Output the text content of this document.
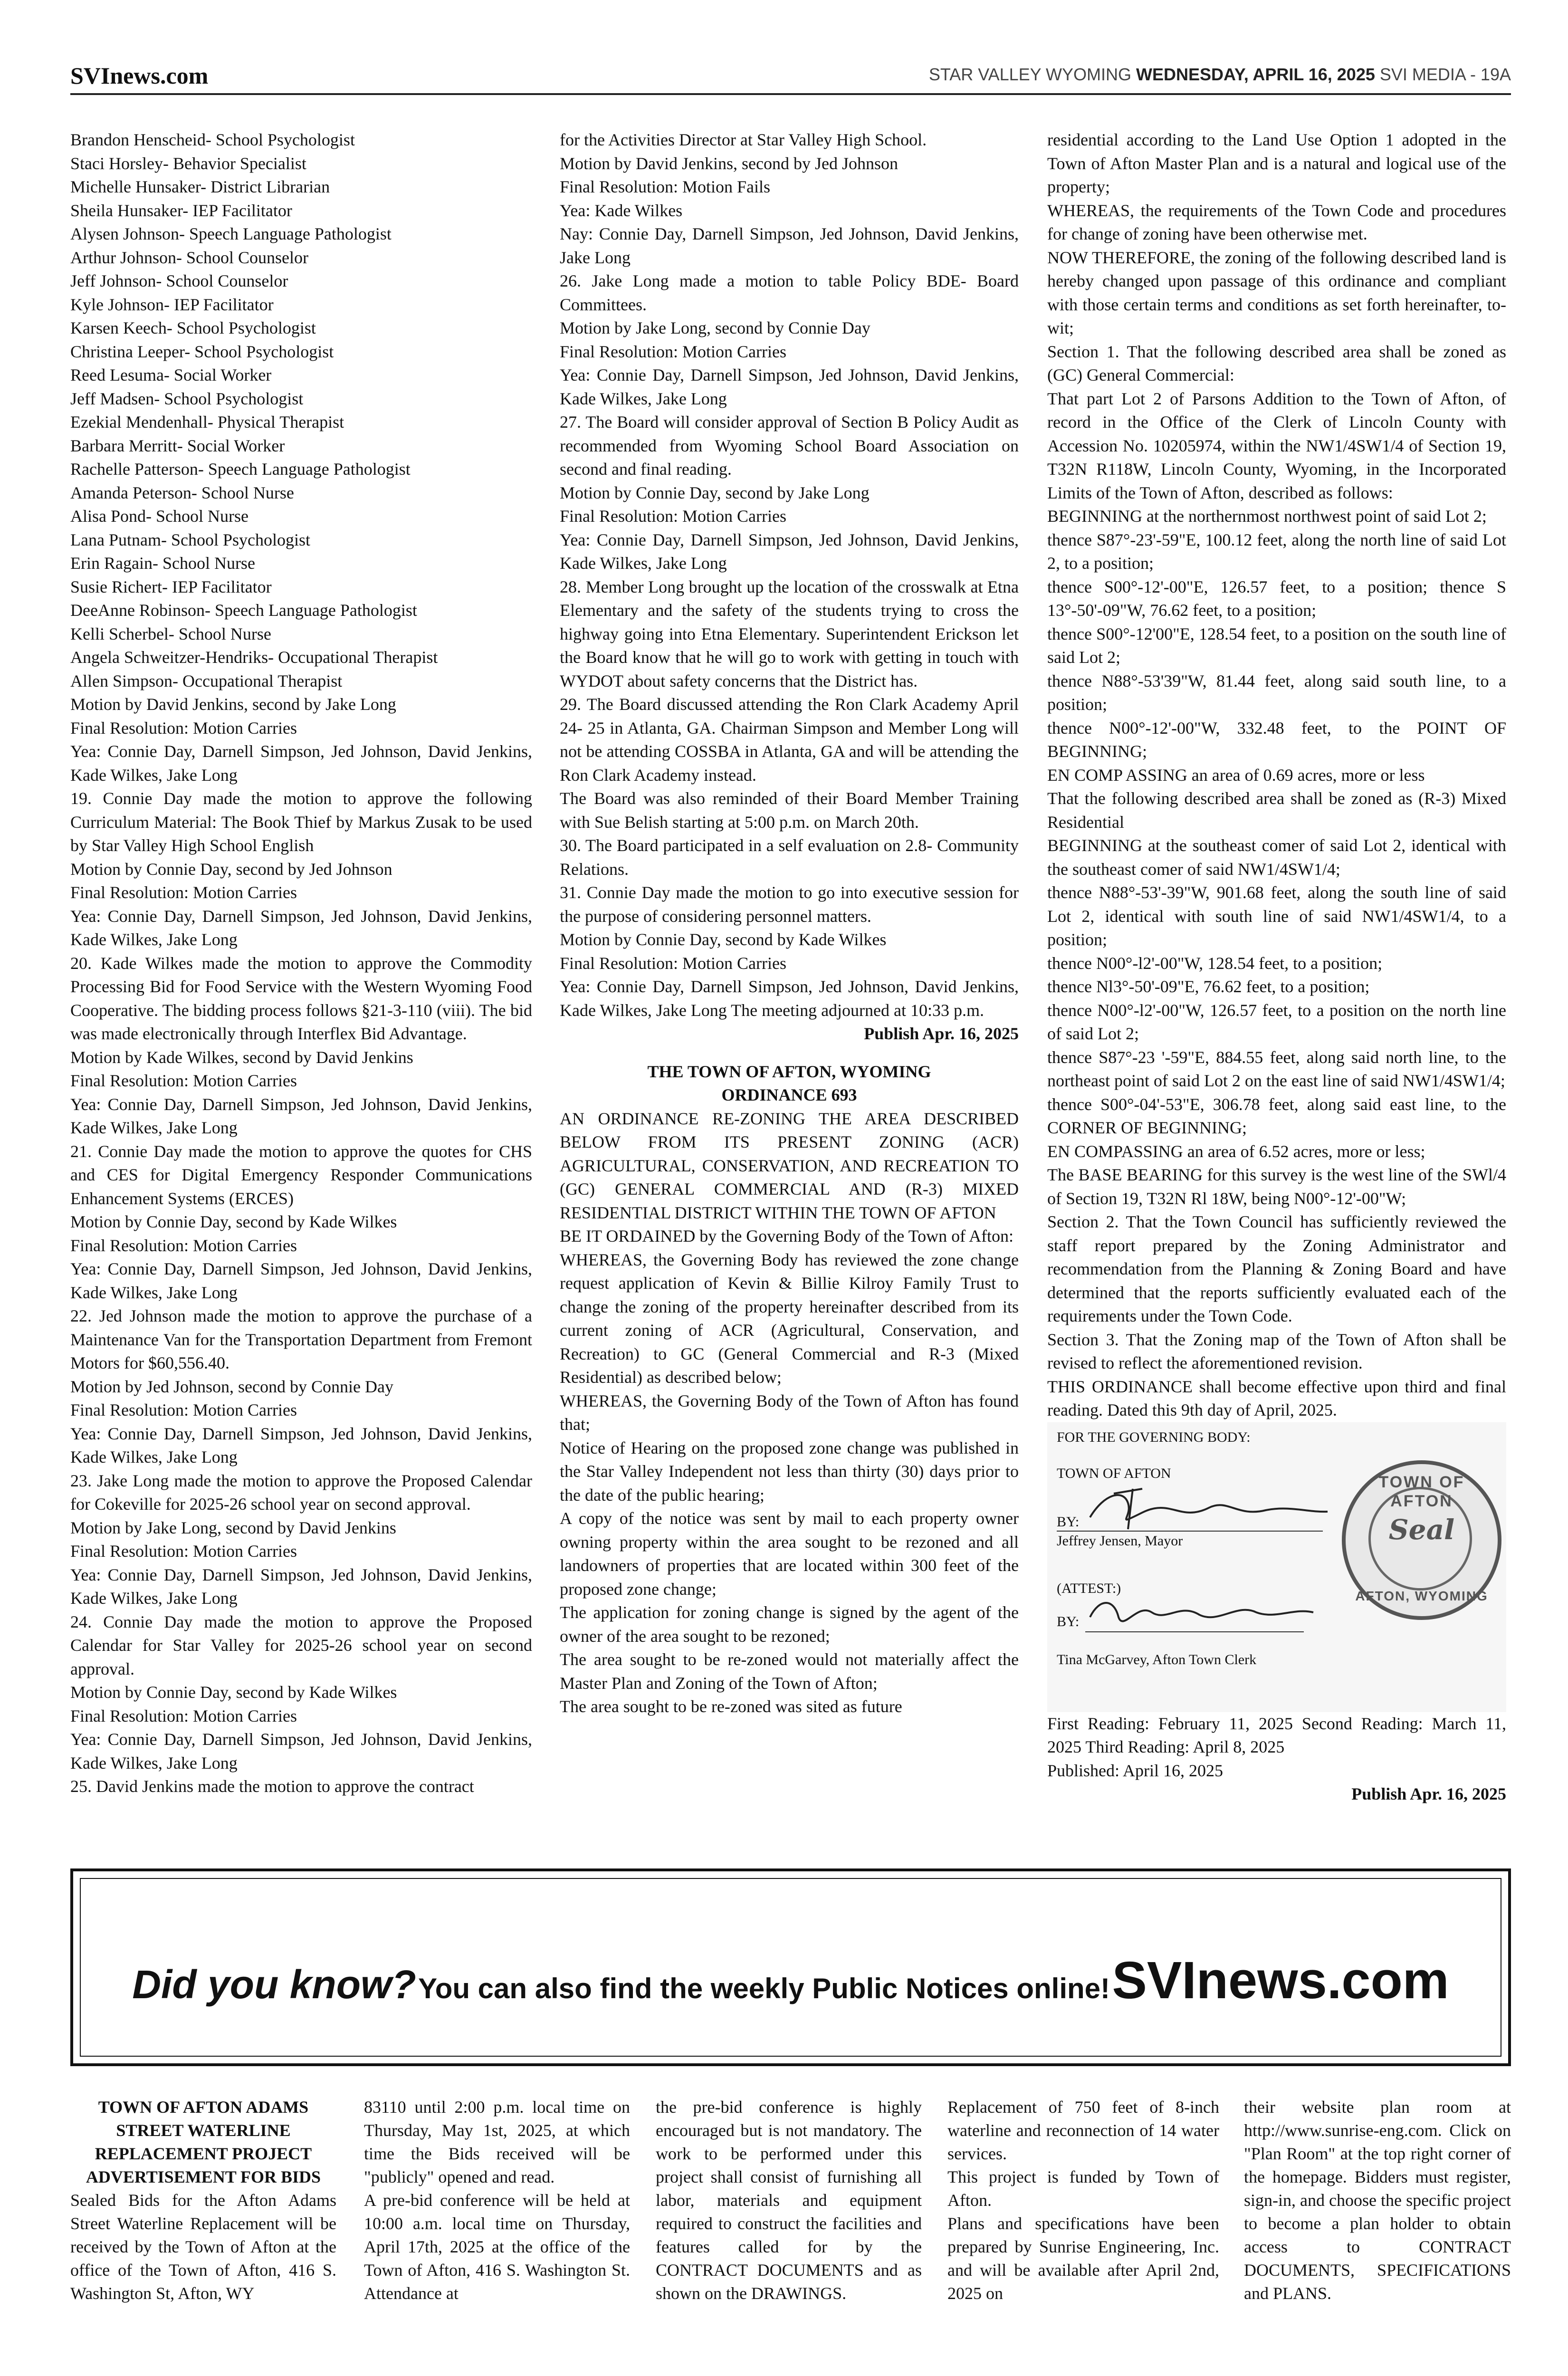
SVInews.com	STAR VALLEY WYOMING WEDNESDAY, APRIL 16, 2025 SVI MEDIA - 19A

Brandon Henscheid- School Psychologist

Staci Horsley- Behavior Specialist

Michelle Hunsaker- District Librarian

Sheila Hunsaker- IEP Facilitator

Alysen Johnson- Speech Language Pathologist

Arthur Johnson- School Counselor

Jeff Johnson- School Counselor

Kyle Johnson- IEP Facilitator

Karsen Keech- School Psychologist

Christina Leeper- School Psychologist

Reed Lesuma- Social Worker

Jeff Madsen- School Psychologist

Ezekial Mendenhall- Physical Therapist

Barbara Merritt- Social Worker

Rachelle Patterson- Speech Language Pathologist

Amanda Peterson- School Nurse

Alisa Pond- School Nurse

Lana Putnam- School Psychologist

Erin Ragain- School Nurse

Susie Richert- IEP Facilitator

DeeAnne Robinson- Speech Language Pathologist

Kelli Scherbel- School Nurse

Angela Schweitzer-Hendriks- Occupational Therapist

Allen Simpson- Occupational Therapist

Motion by David Jenkins, second by Jake Long

Final Resolution: Motion Carries

Yea: Connie Day, Darnell Simpson, Jed Johnson, David Jenkins, Kade Wilkes, Jake Long

19. Connie Day made the motion to approve the following Curriculum Material: The Book Thief by Markus Zusak to be used by Star Valley High School English

Motion by Connie Day, second by Jed Johnson

Final Resolution: Motion Carries

Yea: Connie Day, Darnell Simpson, Jed Johnson, David Jenkins, Kade Wilkes, Jake Long

20. Kade Wilkes made the motion to approve the Commodity Processing Bid for Food Service with the Western Wyoming Food Cooperative. The bidding process follows §21-3-110 (viii). The bid was made electronically through Interflex Bid Advantage.

Motion by Kade Wilkes, second by David Jenkins

Final Resolution: Motion Carries

Yea: Connie Day, Darnell Simpson, Jed Johnson, David Jenkins, Kade Wilkes, Jake Long

21. Connie Day made the motion to approve the quotes for CHS and CES for Digital Emergency Responder Communications Enhancement Systems (ERCES)

Motion by Connie Day, second by Kade Wilkes

Final Resolution: Motion Carries

Yea: Connie Day, Darnell Simpson, Jed Johnson, David Jenkins, Kade Wilkes, Jake Long

22. Jed Johnson made the motion to approve the purchase of a Maintenance Van for the Transportation Department from Fremont Motors for $60,556.40.

Motion by Jed Johnson, second by Connie Day

Final Resolution: Motion Carries

Yea: Connie Day, Darnell Simpson, Jed Johnson, David Jenkins, Kade Wilkes, Jake Long

23. Jake Long made the motion to approve the Proposed Calendar for Cokeville for 2025-26 school year on second approval.

Motion by Jake Long, second by David Jenkins

Final Resolution: Motion Carries

Yea: Connie Day, Darnell Simpson, Jed Johnson, David Jenkins, Kade Wilkes, Jake Long

24. Connie Day made the motion to approve the Proposed Calendar for Star Valley for 2025-26 school year on second approval.

Motion by Connie Day, second by Kade Wilkes

Final Resolution: Motion Carries

Yea: Connie Day, Darnell Simpson, Jed Johnson, David Jenkins, Kade Wilkes, Jake Long

25. David Jenkins made the motion to approve the contract

for the Activities Director at Star Valley High School.

Motion by David Jenkins, second by Jed Johnson

Final Resolution: Motion Fails

Yea: Kade Wilkes

Nay: Connie Day, Darnell Simpson, Jed Johnson, David Jenkins, Jake Long

26. Jake Long made a motion to table Policy BDE- Board Committees.

Motion by Jake Long, second by Connie Day

Final Resolution: Motion Carries

Yea: Connie Day, Darnell Simpson, Jed Johnson, David Jenkins, Kade Wilkes, Jake Long

27. The Board will consider approval of Section B Policy Audit as recommended from Wyoming School Board Association on second and final reading.

Motion by Connie Day, second by Jake Long

Final Resolution: Motion Carries

Yea: Connie Day, Darnell Simpson, Jed Johnson, David Jenkins, Kade Wilkes, Jake Long

28. Member Long brought up the location of the crosswalk at Etna Elementary and the safety of the students trying to cross the highway going into Etna Elementary. Superintendent Erickson let the Board know that he will go to work with getting in touch with WYDOT about safety concerns that the District has.

29. The Board discussed attending the Ron Clark Academy April 24- 25 in Atlanta, GA. Chairman Simpson and Member Long will not be attending COSSBA in Atlanta, GA and will be attending the Ron Clark Academy instead.

The Board was also reminded of their Board Member Training with Sue Belish starting at 5:00 p.m. on March 20th.

30. The Board participated in a self evaluation on 2.8- Community Relations.

31. Connie Day made the motion to go into executive session for the purpose of considering personnel matters.

Motion by Connie Day, second by Kade Wilkes

Final Resolution: Motion Carries

Yea: Connie Day, Darnell Simpson, Jed Johnson, David Jenkins, Kade Wilkes, Jake Long The meeting adjourned at 10:33 p.m.

Publish Apr. 16, 2025

THE TOWN OF AFTON, WYOMING

ORDINANCE 693

AN ORDINANCE RE-ZONING THE AREA DESCRIBED BELOW FROM ITS PRESENT ZONING (ACR) AGRICULTURAL, CONSERVATION, AND RECREATION TO (GC) GENERAL COMMERCIAL AND (R-3) MIXED RESIDENTIAL DISTRICT WITHIN THE TOWN OF AFTON

BE IT ORDAINED by the Governing Body of the Town of Afton:

WHEREAS, the Governing Body has reviewed the zone change request application of Kevin & Billie Kilroy Family Trust to change the zoning of the property hereinafter described from its current zoning of ACR (Agricultural, Conservation, and Recreation) to GC (General Commercial and R-3 (Mixed Residential) as described below;

WHEREAS, the Governing Body of the Town of Afton has found that;

Notice of Hearing on the proposed zone change was published in the Star Valley Independent not less than thirty (30) days prior to the date of the public hearing;

A copy of the notice was sent by mail to each property owner owning property within the area sought to be rezoned and all landowners of properties that are located within 300 feet of the proposed zone change;

The application for zoning change is signed by the agent of the owner of the area sought to be rezoned;

The area sought to be re-zoned would not materially affect the Master Plan and Zoning of the Town of Afton;

The area sought to be re-zoned was sited as future

residential according to the Land Use Option 1 adopted in the Town of Afton Master Plan and is a natural and logical use of the property;

WHEREAS, the requirements of the Town Code and procedures for change of zoning have been otherwise met.

NOW THEREFORE, the zoning of the following described land is hereby changed upon passage of this ordinance and compliant with those certain terms and conditions as set forth hereinafter, to-wit;

Section 1. That the following described area shall be zoned as (GC) General Commercial:

That part Lot 2 of Parsons Addition to the Town of Afton, of record in the Office of the Clerk of Lincoln County with Accession No. 10205974, within the NW1/4SW1/4 of Section 19, T32N R118W, Lincoln County, Wyoming, in the Incorporated Limits of the Town of Afton, described as follows:

BEGINNING at the northernmost northwest point of said Lot 2;

thence S87°-23'-59"E, 100.12 feet, along the north line of said Lot 2, to a position;

thence S00°-12'-00"E, 126.57 feet, to a position; thence S 13°-50'-09"W, 76.62 feet, to a position;

thence S00°-12'00"E, 128.54 feet, to a position on the south line of said Lot 2;

thence N88°-53'39"W, 81.44 feet, along said south line, to a position;

thence N00°-12'-00"W, 332.48 feet, to the POINT OF BEGINNING;

EN COMP ASSING an area of 0.69 acres, more or less

That the following described area shall be zoned as (R-3) Mixed Residential

BEGINNING at the southeast comer of said Lot 2, identical with the southeast comer of said NW1/4SW1/4;

thence N88°-53'-39"W, 901.68 feet, along the south line of said Lot 2, identical with south line of said NW1/4SW1/4, to a position;

thence N00°-l2'-00"W, 128.54 feet, to a position;

thence Nl3°-50'-09"E, 76.62 feet, to a position;

thence N00°-l2'-00"W, 126.57 feet, to a position on the north line of said Lot 2;

thence S87°-23 '-59"E, 884.55 feet, along said north line, to the northeast point of said Lot 2 on the east line of said NW1/4SW1/4;

thence S00°-04'-53"E, 306.78 feet, along said east line, to the CORNER OF BEGINNING;

EN COMPASSING an area of 6.52 acres, more or less;

The BASE BEARING for this survey is the west line of the SWl/4 of Section 19, T32N Rl 18W, being N00°-12'-00"W;

Section 2. That the Town Council has sufficiently reviewed the staff report prepared by the Zoning Administrator and recommendation from the Planning & Zoning Board and have determined that the reports sufficiently evaluated each of the requirements under the Town Code.

Section 3. That the Zoning map of the Town of Afton shall be revised to reflect the aforementioned revision.

THIS ORDINANCE shall become effective upon third and final reading. Dated this 9th day of April, 2025.

FOR THE GOVERNING BODY:
TOWN OF AFTON
BY:
Jeffrey Jensen, Mayor
(ATTEST:)
BY:
Tina McGarvey, Afton Town Clerk
TOWN OF AFTON
Seal
AFTON, WYOMING

First Reading: February 11, 2025 Second Reading: March 11, 2025 Third Reading: April 8, 2025

Published: April 16, 2025

Publish Apr. 16, 2025

Did you know? You can also find the weekly Public Notices online! SVInews.com

TOWN OF AFTON ADAMS STREET WATERLINE REPLACEMENT PROJECT ADVERTISEMENT FOR BIDS

Sealed Bids for the Afton Adams Street Waterline Replacement will be received by the Town of Afton at the office of the Town of Afton, 416 S. Washington St, Afton, WY

83110 until 2:00 p.m. local time on Thursday, May 1st, 2025, at which time the Bids received will be "publicly" opened and read.

A pre-bid conference will be held at 10:00 a.m. local time on Thursday, April 17th, 2025 at the office of the Town of Afton, 416 S. Washington St. Attendance at

the pre-bid conference is highly encouraged but is not mandatory. The work to be performed under this project shall consist of furnishing all labor, materials and equipment required to construct the facilities and features called for by the CONTRACT DOCUMENTS and as shown on the DRAWINGS.

Replacement of 750 feet of 8-inch waterline and reconnection of 14 water services.

This project is funded by Town of Afton.

Plans and specifications have been prepared by Sunrise Engineering, Inc. and will be available after April 2nd, 2025 on

their website plan room at http://www.sunrise-eng.com. Click on "Plan Room" at the top right corner of the homepage. Bidders must register, sign-in, and choose the specific project to become a plan holder to obtain access to CONTRACT DOCUMENTS, SPECIFICATIONS and PLANS.
